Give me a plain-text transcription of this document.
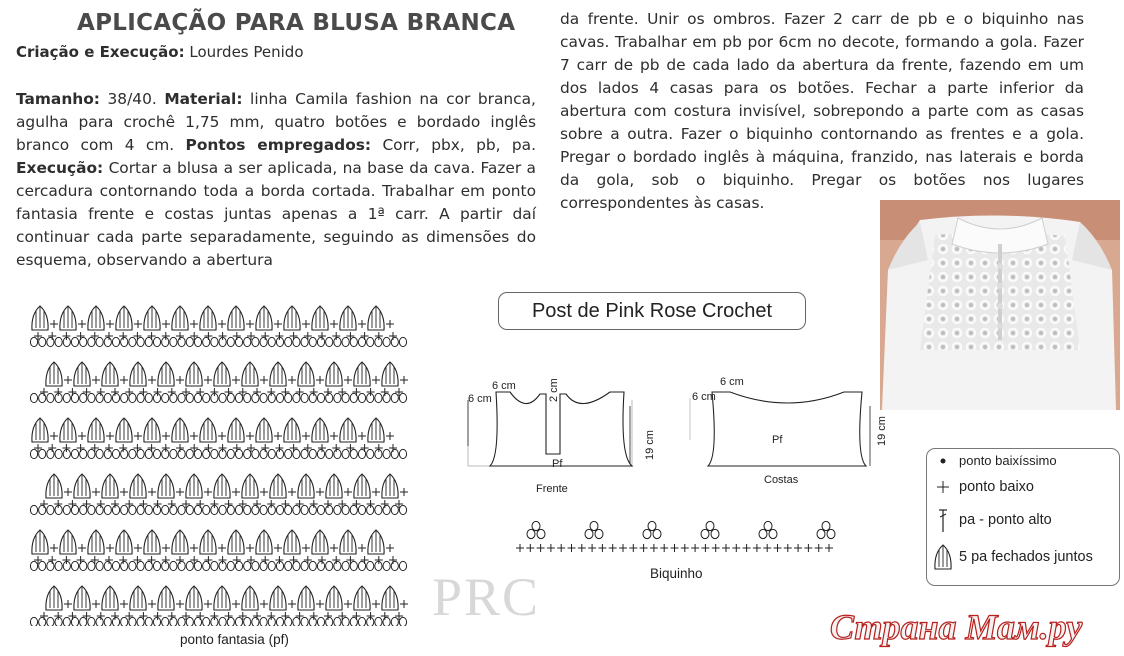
APLICAÇÃO PARA BLUSA BRANCA
Criação e Execução: Lourdes Penido
Tamanho: 38/40. Material: linha Camila fashion na cor branca, agulha para crochê 1,75 mm, quatro botões e bordado inglês branco com 4 cm. Pontos empregados: Corr, pbx, pb, pa. Execução: Cortar a blusa a ser aplicada, na base da cava. Fazer a cercadura contornando toda a borda cortada. Trabalhar em ponto fantasia frente e costas juntas apenas a 1ª carr. A partir daí continuar cada parte separadamente, seguindo as dimensões do esquema, observando a abertura
da frente. Unir os ombros. Fazer 2 carr de pb e o biquinho nas cavas. Trabalhar em pb por 6cm no decote, formando a gola. Fazer 7 carr de pb de cada lado da abertura da frente, fazendo em um dos lados 4 casas para os botões. Fechar a parte inferior da abertura com costura invisível, sobrepondo a parte com as casas sobre a outra. Fazer o biquinho contornando as frentes e a gola. Pregar o bordado inglês à máquina, franzido, nas laterais e borda da gola, sob o biquinho. Pregar os botões nos lugares correspondentes às casas.
Post de Pink Rose Crochet
PRC
ponto fantasia (pf)
6 cm
6 cm	2 cm
19 cm
Pf
Frente
6 cm
6 cm
19 cm
Pf
Costas
Biquinho
ponto baixíssimo
ponto baixo
pa - ponto alto
5 pa fechados juntos
Страна Мам.ру
